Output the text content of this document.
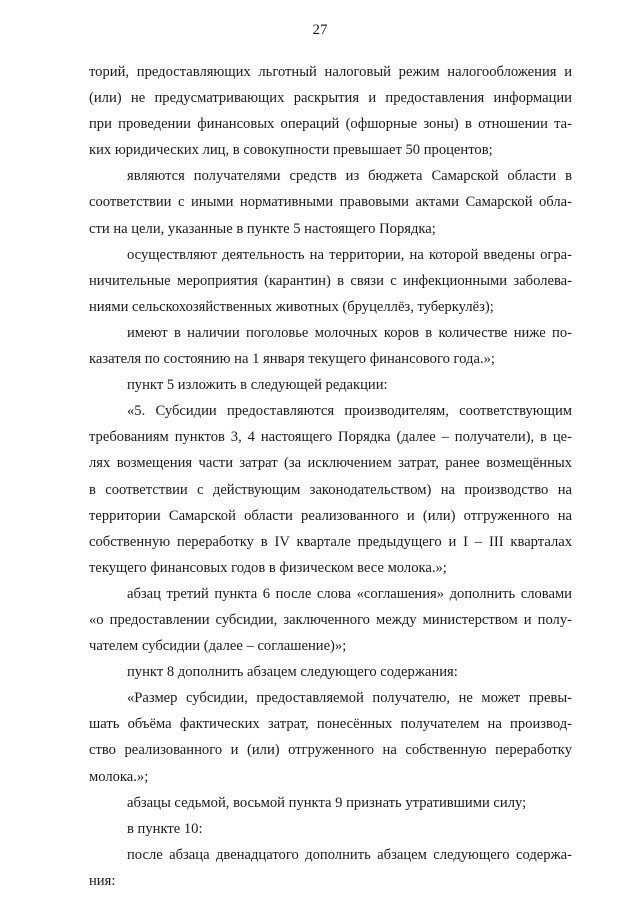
27
торий, предоставляющих льготный налоговый режим налогообложения и
(или) не предусматривающих раскрытия и предоставления информации
при проведении финансовых операций (офшорные зоны) в отношении та-
ких юридических лиц, в совокупности превышает 50 процентов;
являются получателями средств из бюджета Самарской области в
соответствии с иными нормативными правовыми актами Самарской обла-
сти на цели, указанные в пункте 5 настоящего Порядка;
осуществляют деятельность на территории, на которой введены огра-
ничительные мероприятия (карантин) в связи с инфекционными заболева-
ниями сельскохозяйственных животных (бруцеллёз, туберкулёз);
имеют в наличии поголовье молочных коров в количестве ниже по-
казателя по состоянию на 1 января текущего финансового года.»;
пункт 5 изложить в следующей редакции:
«5. Субсидии предоставляются производителям, соответствующим
требованиям пунктов 3, 4 настоящего Порядка (далее – получатели), в це-
лях возмещения части затрат (за исключением затрат, ранее возмещённых
в соответствии с действующим законодательством) на производство на
территории Самарской области реализованного и (или) отгруженного на
собственную переработку в IV квартале предыдущего и I – III кварталах
текущего финансовых годов в физическом весе молока.»;
абзац третий пункта 6 после слова «соглашения» дополнить словами
«о предоставлении субсидии, заключенного между министерством и полу-
чателем субсидии (далее – соглашение)»;
пункт 8 дополнить абзацем следующего содержания:
«Размер субсидии, предоставляемой получателю, не может превы-
шать объёма фактических затрат, понесённых получателем на производ-
ство реализованного и (или) отгруженного на собственную переработку
молока.»;
абзацы седьмой, восьмой пункта 9 признать утратившими силу;
в пункте 10:
после абзаца двенадцатого дополнить абзацем следующего содержа-
ния:
